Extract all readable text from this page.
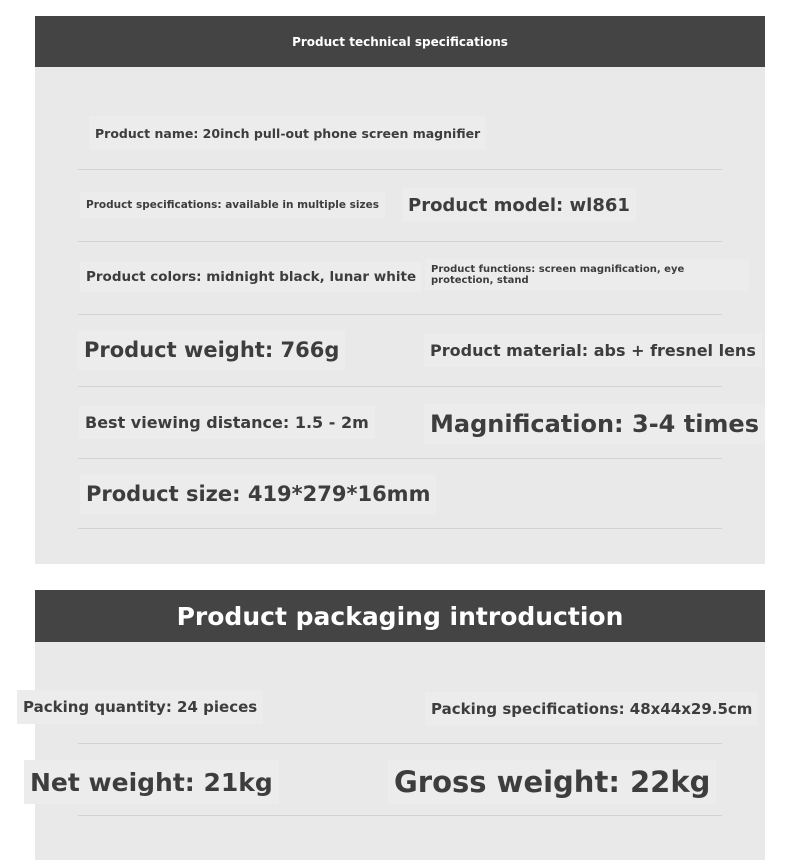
Product technical specifications
Product name: 20inch pull-out phone screen magnifier
Product specifications: available in multiple sizes	Product model: wl861
Product colors: midnight black, lunar white	Product functions: screen magnification, eye protection, stand
Product weight: 766g	Product material: abs + fresnel lens
Best viewing distance: 1.5 - 2m	Magnification: 3-4 times
Product size: 419*279*16mm
Product packaging introduction
Packing quantity: 24 pieces	Packing specifications: 48x44x29.5cm
Net weight: 21kg	Gross weight: 22kg
